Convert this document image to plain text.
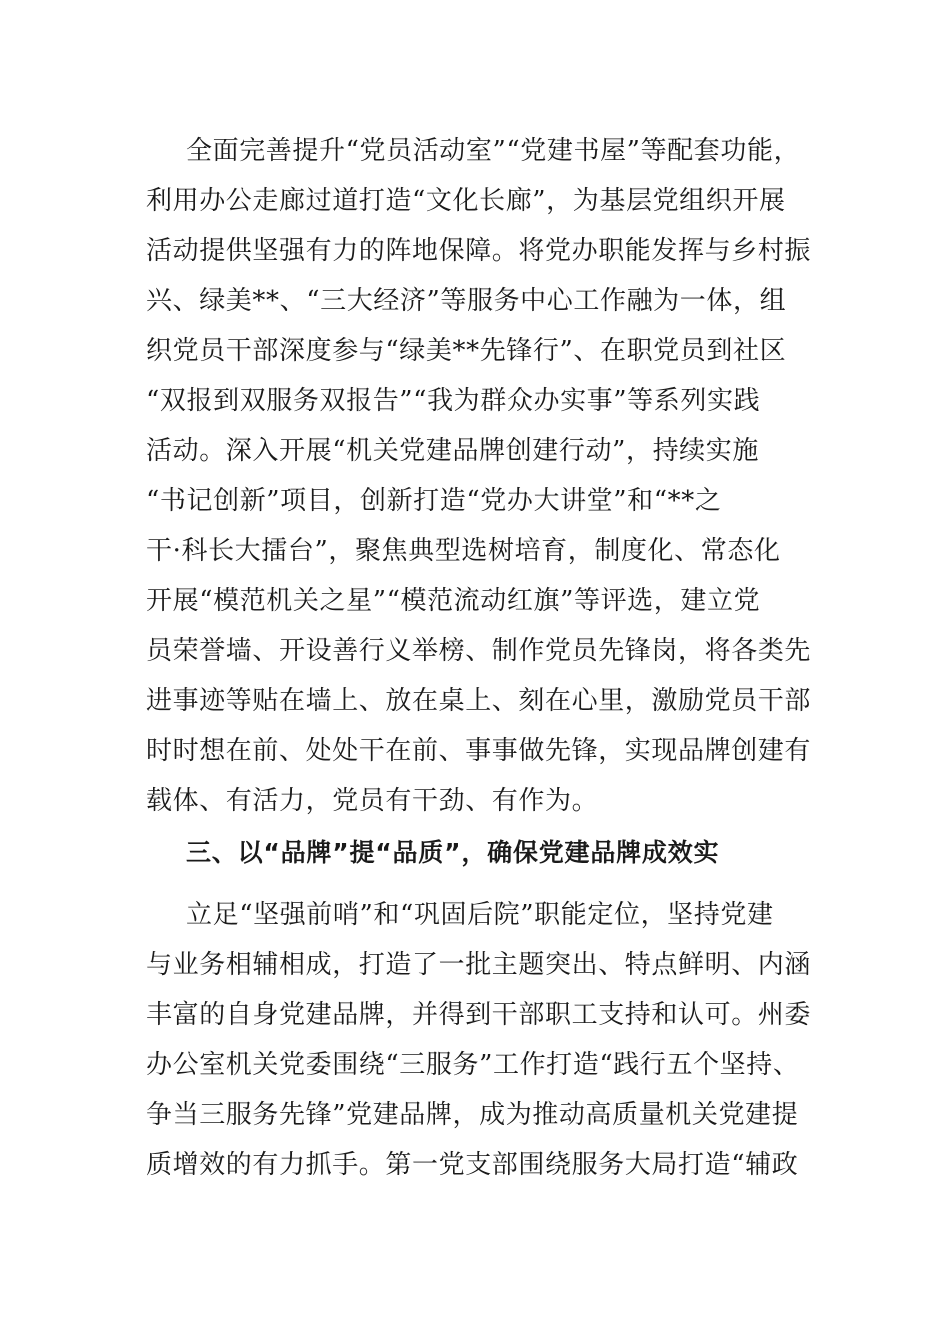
全面完善提升“党员活动室”“党建书屋”等配套功能，

利用办公走廊过道打造“文化长廊”，为基层党组织开展

活动提供坚强有力的阵地保障。将党办职能发挥与乡村振

兴、绿美**、“三大经济”等服务中心工作融为一体，组

织党员干部深度参与“绿美**先锋行”、在职党员到社区

“双报到双服务双报告”“我为群众办实事”等系列实践

活动。深入开展“机关党建品牌创建行动”，持续实施

“书记创新”项目，创新打造“党办大讲堂”和“**之

干·科长大擂台”，聚焦典型选树培育，制度化、常态化

开展“模范机关之星”“模范流动红旗”等评选，建立党

员荣誉墙、开设善行义举榜、制作党员先锋岗，将各类先

进事迹等贴在墙上、放在桌上、刻在心里，激励党员干部

时时想在前、处处干在前、事事做先锋，实现品牌创建有

载体、有活力，党员有干劲、有作为。

三、以“品牌”提“品质”，确保党建品牌成效实

立足“坚强前哨”和“巩固后院”职能定位，坚持党建

与业务相辅相成，打造了一批主题突出、特点鲜明、内涵

丰富的自身党建品牌，并得到干部职工支持和认可。州委

办公室机关党委围绕“三服务”工作打造“践行五个坚持、

争当三服务先锋”党建品牌，成为推动高质量机关党建提

质增效的有力抓手。第一党支部围绕服务大局打造“辅政
